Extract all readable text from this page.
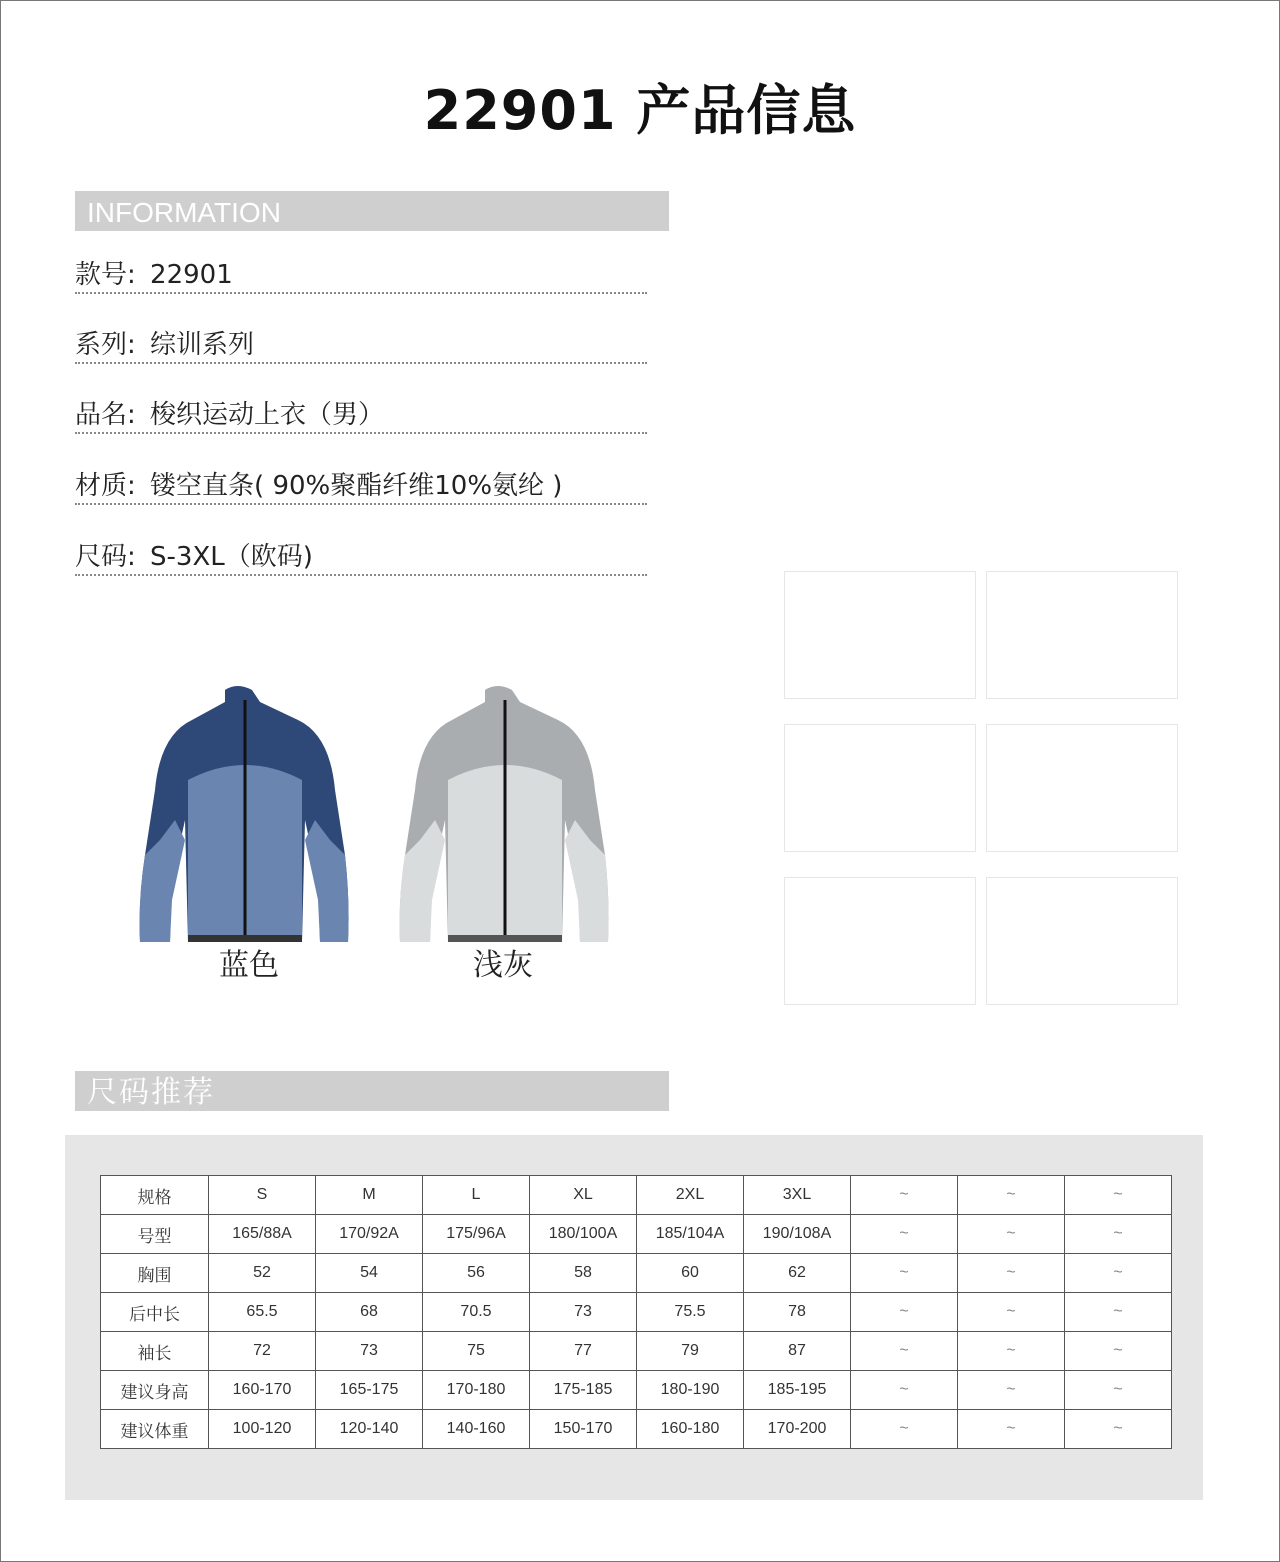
22901 产品信息
INFORMATION
款号: 22901
系列: 综训系列
品名: 梭织运动上衣（男）
材质: 镂空直条( 90%聚酯纤维10%氨纶 )
尺码: S-3XL（欧码)
蓝色	浅灰
尺码推荐
规格	S	M	L	XL	2XL	3XL	~	~	~
号型	165/88A	170/92A	175/96A	180/100A	185/104A	190/108A	~	~	~
胸围	52	54	56	58	60	62	~	~	~
后中长	65.5	68	70.5	73	75.5	78	~	~	~
袖长	72	73	75	77	79	87	~	~	~
建议身高	160-170	165-175	170-180	175-185	180-190	185-195	~	~	~
建议体重	100-120	120-140	140-160	150-170	160-180	170-200	~	~	~
